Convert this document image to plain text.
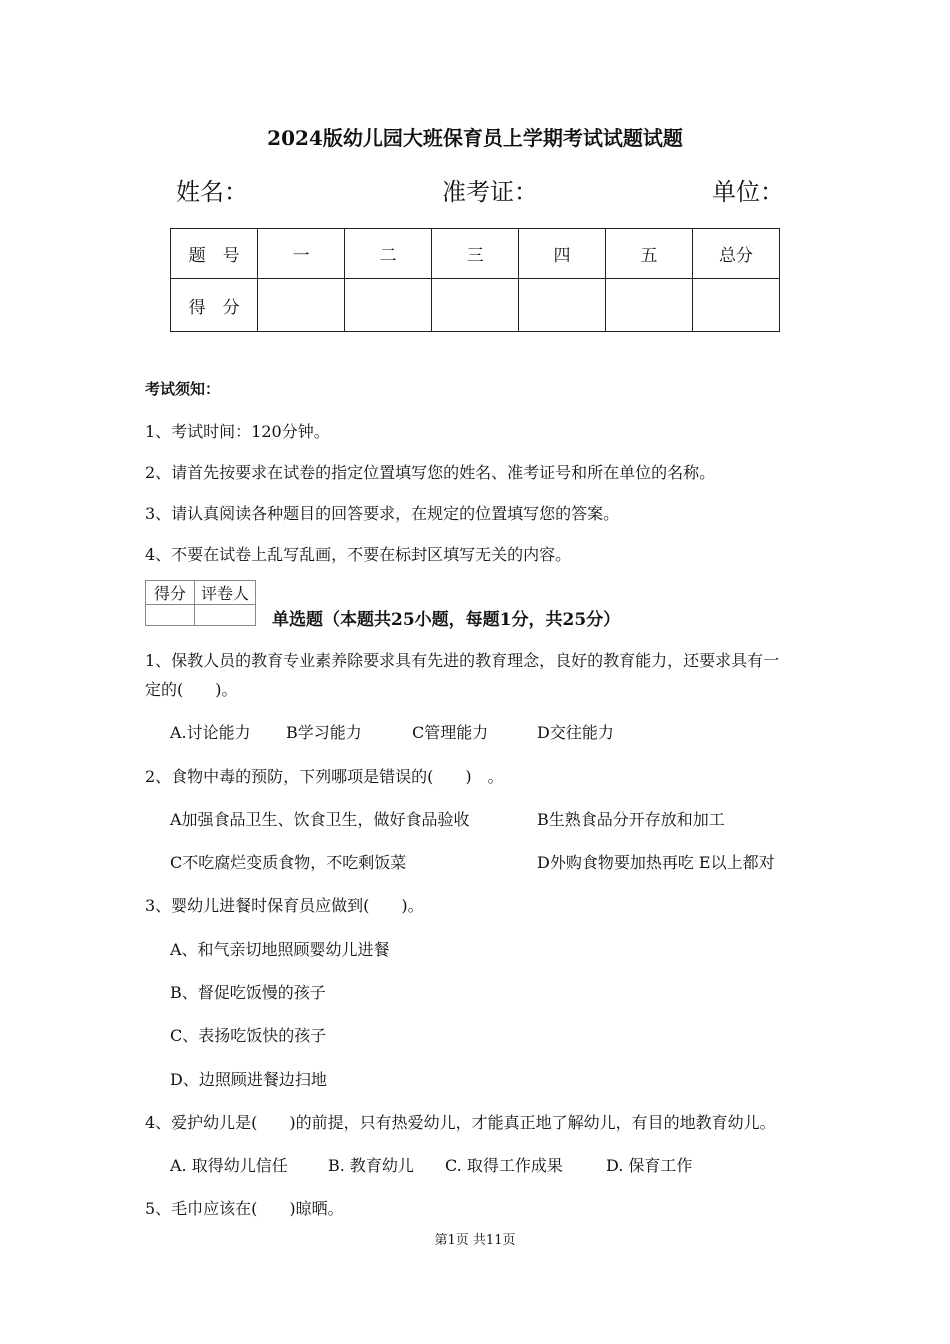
2024版幼儿园大班保育员上学期考试试题试题
姓名：	准考证：	单位：
题　号	一	二	三	四	五	总分
得　分						
考试须知：
1、考试时间：120分钟。
2、请首先按要求在试卷的指定位置填写您的姓名、准考证号和所在单位的名称。
3、请认真阅读各种题目的回答要求，在规定的位置填写您的答案。
4、不要在试卷上乱写乱画，不要在标封区填写无关的内容。
得分	评卷人

单选题（本题共25小题，每题1分，共25分）
1、保教人员的教育专业素养除要求具有先进的教育理念，良好的教育能力，还要求具有一
定的(　　)。
A.讨论能力 B学习能力	C管理能力	D交往能力
2、食物中毒的预防，下列哪项是错误的(　　)　。
A加强食品卫生、饮食卫生，做好食品验收	B生熟食品分开存放和加工
C不吃腐烂变质食物，不吃剩饭菜	D外购食物要加热再吃 E以上都对
3、婴幼儿进餐时保育员应做到(　　)。
A、和气亲切地照顾婴幼儿进餐
B、督促吃饭慢的孩子
C、表扬吃饭快的孩子
D、边照顾进餐边扫地
4、爱护幼儿是(　　)的前提，只有热爱幼儿，才能真正地了解幼儿，有目的地教育幼儿。
A. 取得幼儿信任	B. 教育幼儿 C. 取得工作成果	D. 保育工作
5、毛巾应该在(　　)晾晒。
第1页 共11页
